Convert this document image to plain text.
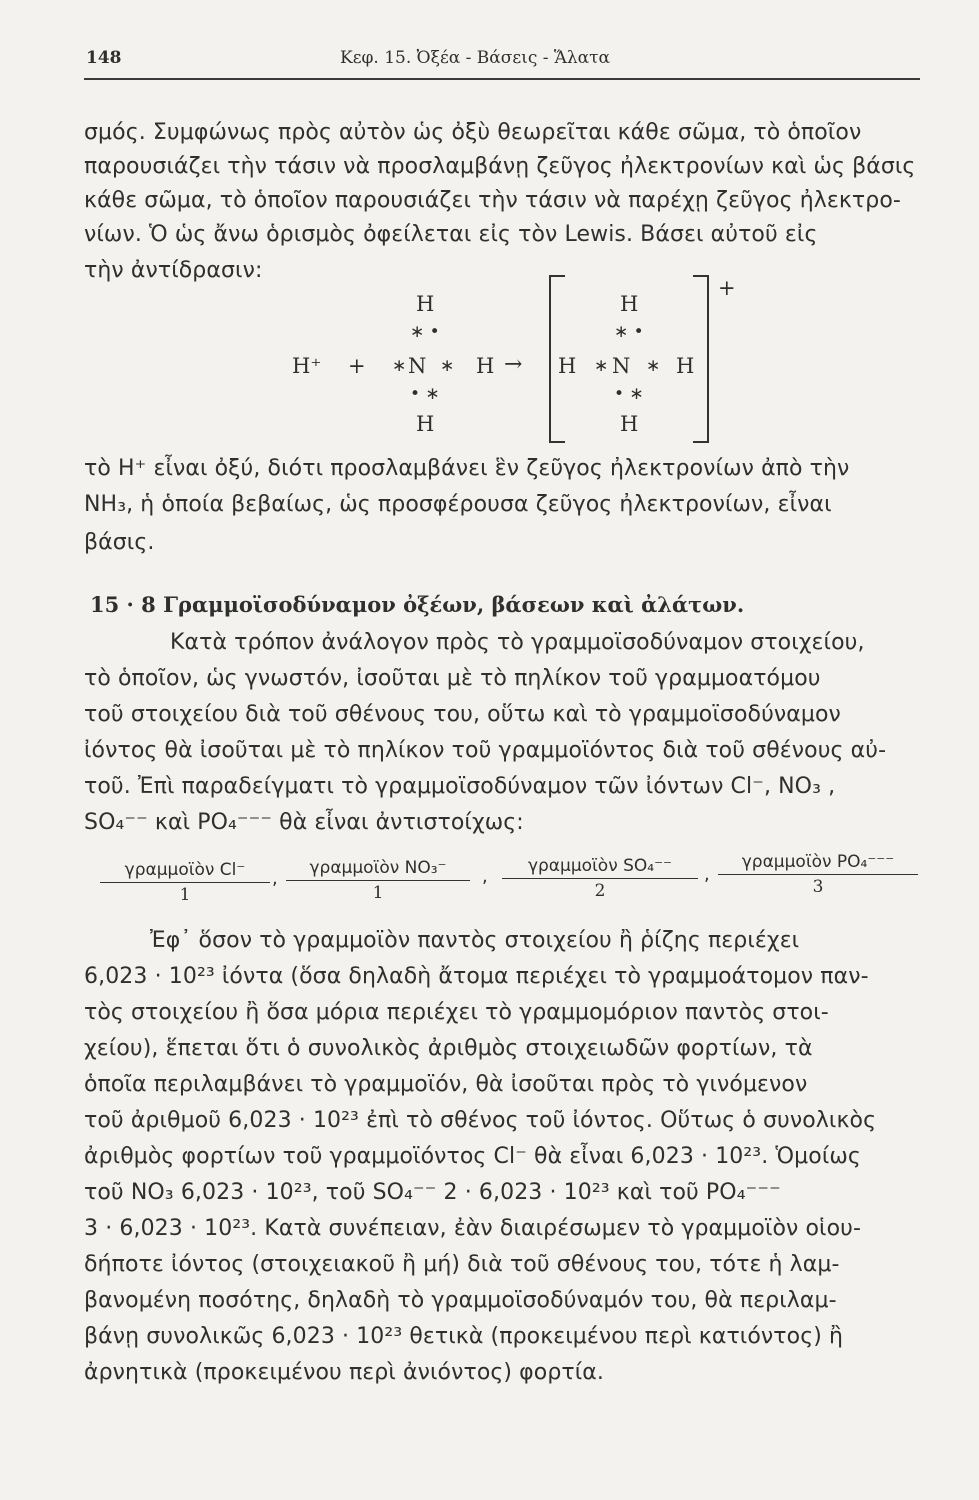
148	Κεφ. 15. Ὀξέα - Βάσεις - Ἅλατα
σμός. Συμφώνως πρὸς αὐτὸν ὡς ὀξὺ θεωρεῖται κάθε σῶμα, τὸ ὁποῖον
παρουσιάζει τὴν τάσιν νὰ προσλαμβάνῃ ζεῦγος ἠλεκτρονίων καὶ ὡς βάσις
κάθε σῶμα, τὸ ὁποῖον παρουσιάζει τὴν τάσιν νὰ παρέχῃ ζεῦγος ἠλεκτρο-
νίων. Ὁ ὡς ἄνω ὁρισμὸς ὀφείλεται εἰς τὸν Lewis. Βάσει αὐτοῦ εἰς
τὴν ἀντίδρασιν:
H
∗ •
H⁺ + ∗ N ∗ H
• ∗
H
→
+
H
∗ •
H ∗ N ∗ H
• ∗
H
τὸ H⁺ εἶναι ὀξύ, διότι προσλαμβάνει ἓν ζεῦγος ἠλεκτρονίων ἀπὸ τὴν
NH₃, ἡ ὁποία βεβαίως, ὡς προσφέρουσα ζεῦγος ἠλεκτρονίων, εἶναι
βάσις.
15 · 8 Γραμμοϊσοδύναμον ὀξέων, βάσεων καὶ ἀλάτων.
Κατὰ τρόπον ἀνάλογον πρὸς τὸ γραμμοϊσοδύναμον στοιχείου,
τὸ ὁποῖον, ὡς γνωστόν, ἰσοῦται μὲ τὸ πηλίκον τοῦ γραμμοατόμου
τοῦ στοιχείου διὰ τοῦ σθένους του, οὕτω καὶ τὸ γραμμοϊσοδύναμον
ἰόντος θὰ ἰσοῦται μὲ τὸ πηλίκον τοῦ γραμμοϊόντος διὰ τοῦ σθένους αὐ-
τοῦ. Ἐπὶ παραδείγματι τὸ γραμμοϊσοδύναμον τῶν ἰόντων Cl⁻, NO₃ ,
SO₄⁻⁻ καὶ PO₄⁻⁻⁻ θὰ εἶναι ἀντιστοίχως:
γραμμοϊὸν Cl⁻
1
,	γραμμοϊὸν NO₃⁻
1
,	γραμμοϊὸν SO₄⁻⁻
2
,
γραμμοϊὸν PO₄⁻⁻⁻
3
Ἐφ᾽ ὅσον τὸ γραμμοϊὸν παντὸς στοιχείου ἢ ῥίζης περιέχει
6,023 · 10²³ ἰόντα (ὅσα δηλαδὴ ἄτομα περιέχει τὸ γραμμοάτομον παν-
τὸς στοιχείου ἢ ὅσα μόρια περιέχει τὸ γραμμομόριον παντὸς στοι-
χείου), ἕπεται ὅτι ὁ συνολικὸς ἀριθμὸς στοιχειωδῶν φορτίων, τὰ
ὁποῖα περιλαμβάνει τὸ γραμμοϊόν, θὰ ἰσοῦται πρὸς τὸ γινόμενον
τοῦ ἀριθμοῦ 6,023 · 10²³ ἐπὶ τὸ σθένος τοῦ ἰόντος. Οὕτως ὁ συνολικὸς
ἀριθμὸς φορτίων τοῦ γραμμοϊόντος Cl⁻ θὰ εἶναι 6,023 · 10²³. Ὁμοίως
τοῦ NO₃ 6,023 · 10²³, τοῦ SO₄⁻⁻ 2 · 6,023 · 10²³ καὶ τοῦ PO₄⁻⁻⁻
3 · 6,023 · 10²³. Κατὰ συνέπειαν, ἐὰν διαιρέσωμεν τὸ γραμμοϊὸν οἱου-
δήποτε ἰόντος (στοιχειακοῦ ἢ μή) διὰ τοῦ σθένους του, τότε ἡ λαμ-
βανομένη ποσότης, δηλαδὴ τὸ γραμμοϊσοδύναμόν του, θὰ περιλαμ-
βάνῃ συνολικῶς 6,023 · 10²³ θετικὰ (προκειμένου περὶ κατιόντος) ἢ
ἀρνητικὰ (προκειμένου περὶ ἀνιόντος) φορτία.
